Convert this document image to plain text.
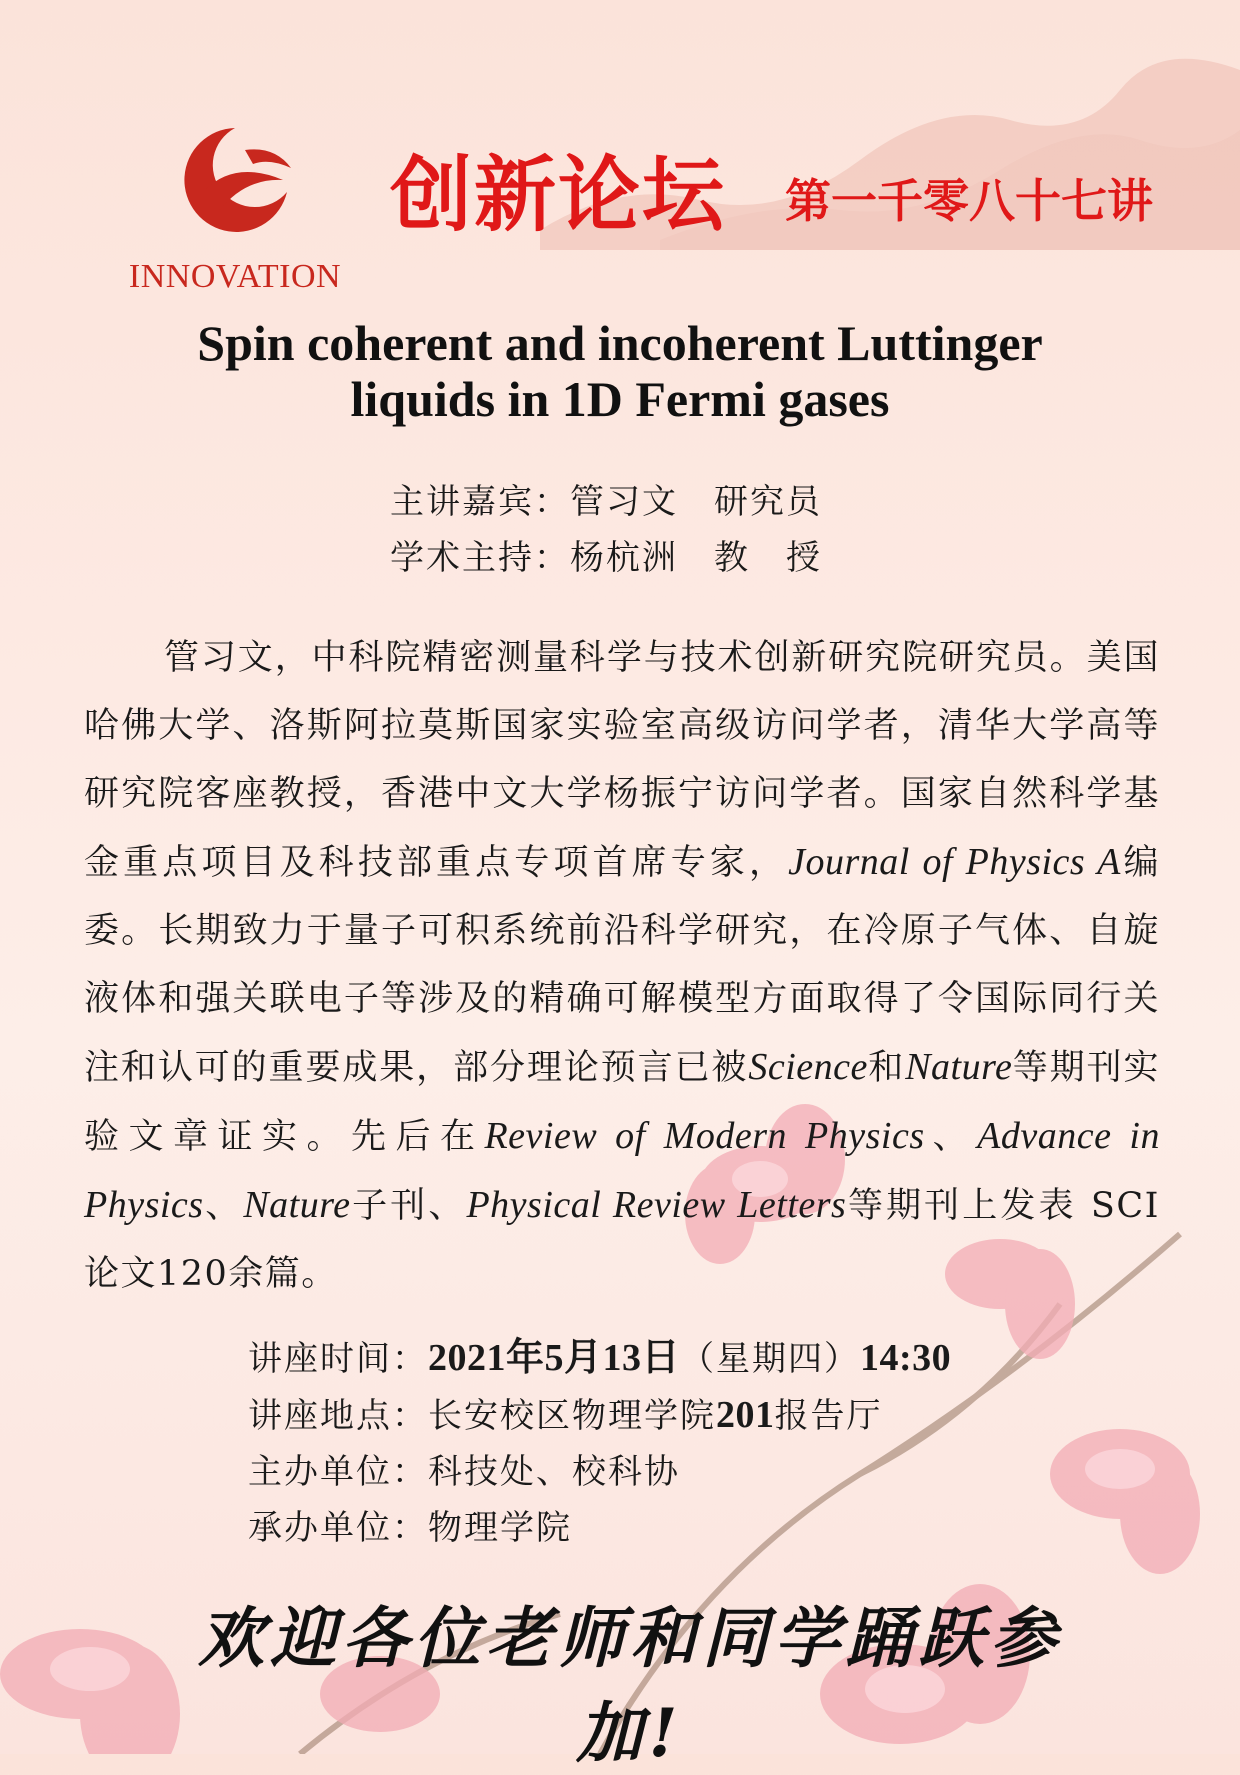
INNOVATION
创新论坛 第一千零八十七讲
Spin coherent and incoherent Luttinger
liquids in 1D Fermi gases
主讲嘉宾：管习文　研究员
学术主持：杨杭洲　教　授
管习文，中科院精密测量科学与技术创新研究院研究员。美国哈佛大学、洛斯阿拉莫斯国家实验室高级访问学者，清华大学高等研究院客座教授，香港中文大学杨振宁访问学者。国家自然科学基金重点项目及科技部重点专项首席专家，Journal of Physics A编委。长期致力于量子可积系统前沿科学研究，在冷原子气体、自旋液体和强关联电子等涉及的精确可解模型方面取得了令国际同行关注和认可的重要成果，部分理论预言已被Science和Nature等期刊实验文章证实。先后在Review of Modern Physics、Advance in Physics、Nature子刊、Physical Review Letters等期刊上发表 SCI 论文120余篇。
讲座时间：2021年5月13日（星期四）14:30
讲座地点：长安校区物理学院201报告厅
主办单位：科技处、校科协
承办单位：物理学院
欢迎各位老师和同学踊跃参加!
